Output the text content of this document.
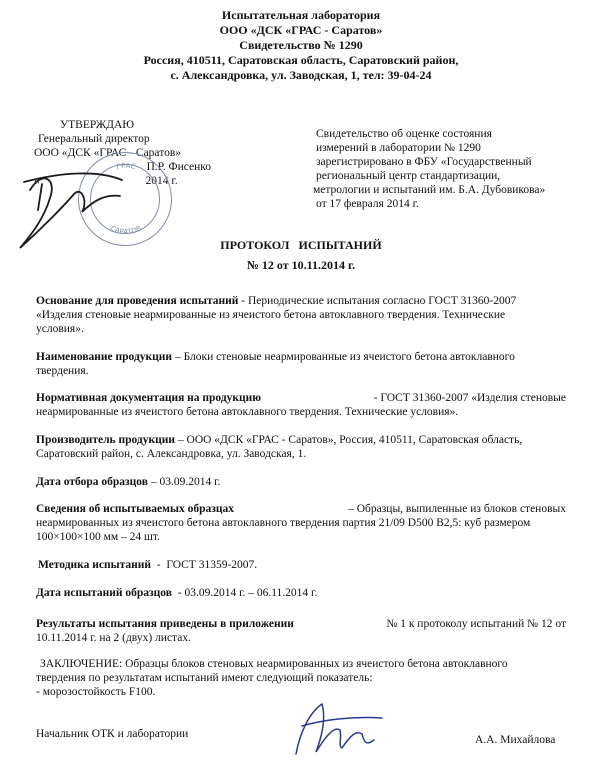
Испытательная лаборатория
ООО «ДСК «ГРАС - Саратов»
Свидетельство № 1290
Россия, 410511, Саратовская область, Саратовский район,
с. Александровка, ул. Заводская, 1, тел: 39-04-24
УТВЕРЖДАЮ
Генеральный директор
ООО «ДСК «ГРАС - Саратов»
П.Р. Фисенко
«	2014 г.
ГРАС
САРАТОВ
Свидетельство об оценке состояния
измерений в лаборатории № 1290
зарегистрировано в ФБУ «Государственный
региональный центр стандартизации,
метрологии и испытаний им. Б.А. Дубовикова»
от 17 февраля 2014 г.
ПРОТОКОЛ   ИСПЫТАНИЙ
№ 12 от 10.11.2014 г.
Основание для проведения испытаний - Периодические испытания согласно ГОСТ 31360-2007
«Изделия стеновые неармированные из ячеистого бетона автоклавного твердения. Технические
условия».
Наименование продукции – Блоки стеновые неармированные из ячеистого бетона автоклавного
твердения.
Нормативная документация на продукцию	- ГОСТ 31360-2007 «Изделия стеновые
неармированные из ячеистого бетона автоклавного твердения. Технические условия».
Производитель продукции – ООО «ДСК «ГРАС - Саратов», Россия, 410511, Саратовская область,
Саратовский район, с. Александровка, ул. Заводская, 1.
Дата отбора образцов – 03.09.2014 г.
Сведения об испытываемых образцах	– Образцы, выпиленные из блоков стеновых
неармированных из ячеистого бетона автоклавного твердения партия 21/09 D500 B2,5: куб размером
100×100×100 мм – 24 шт.
Методика испытаний  -  ГОСТ 31359-2007.
Дата испытаний образцов  - 03.09.2014 г. – 06.11.2014 г.
Результаты испытания приведены в приложении	№ 1 к протоколу испытаний № 12 от
10.11.2014 г. на 2 (двух) листах.
ЗАКЛЮЧЕНИЕ: Образцы блоков стеновых неармированных из ячеистого бетона автоклавного
твердения по результатам испытаний имеют следующий показатель:
- морозостойкость F100.
Начальник ОТК и лаборатории	А.А. Михайлова
